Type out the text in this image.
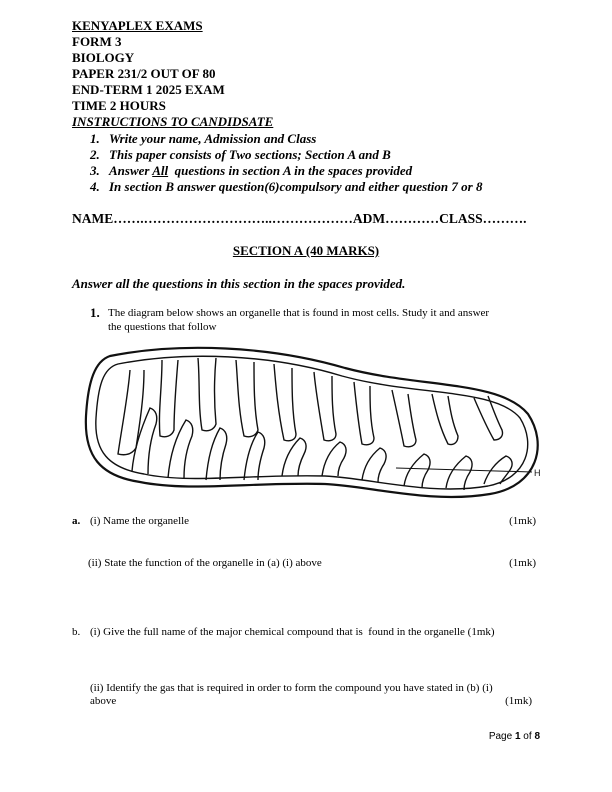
KENYAPLEX EXAMS
FORM 3
BIOLOGY
PAPER 231/2 OUT OF 80
END-TERM 1 2025 EXAM
TIME 2 HOURS
INSTRUCTIONS TO CANDIDSATE
1. Write your name, Admission and Class
2. This paper consists of Two sections; Section A and B
3. Answer All  questions in section A in the spaces provided
4. In section B answer question(6)compulsory and either question 7 or 8
NAME…….………………………..………………ADM…………CLASS……….
SECTION A (40 MARKS)
Answer all the questions in this section in the spaces provided.
1. The diagram below shows an organelle that is found in most cells. Study it and answer
the questions that follow
H
a. (i) Name the organelle	(1mk)
(ii) State the function of the organelle in (a) (i) above	(1mk)
b. (i) Give the full name of the major chemical compound that is  found in the organelle (1mk)
(ii) Identify the gas that is required in order to form the compound you have stated in (b) (i)
above	(1mk)
Page 1 of 8
